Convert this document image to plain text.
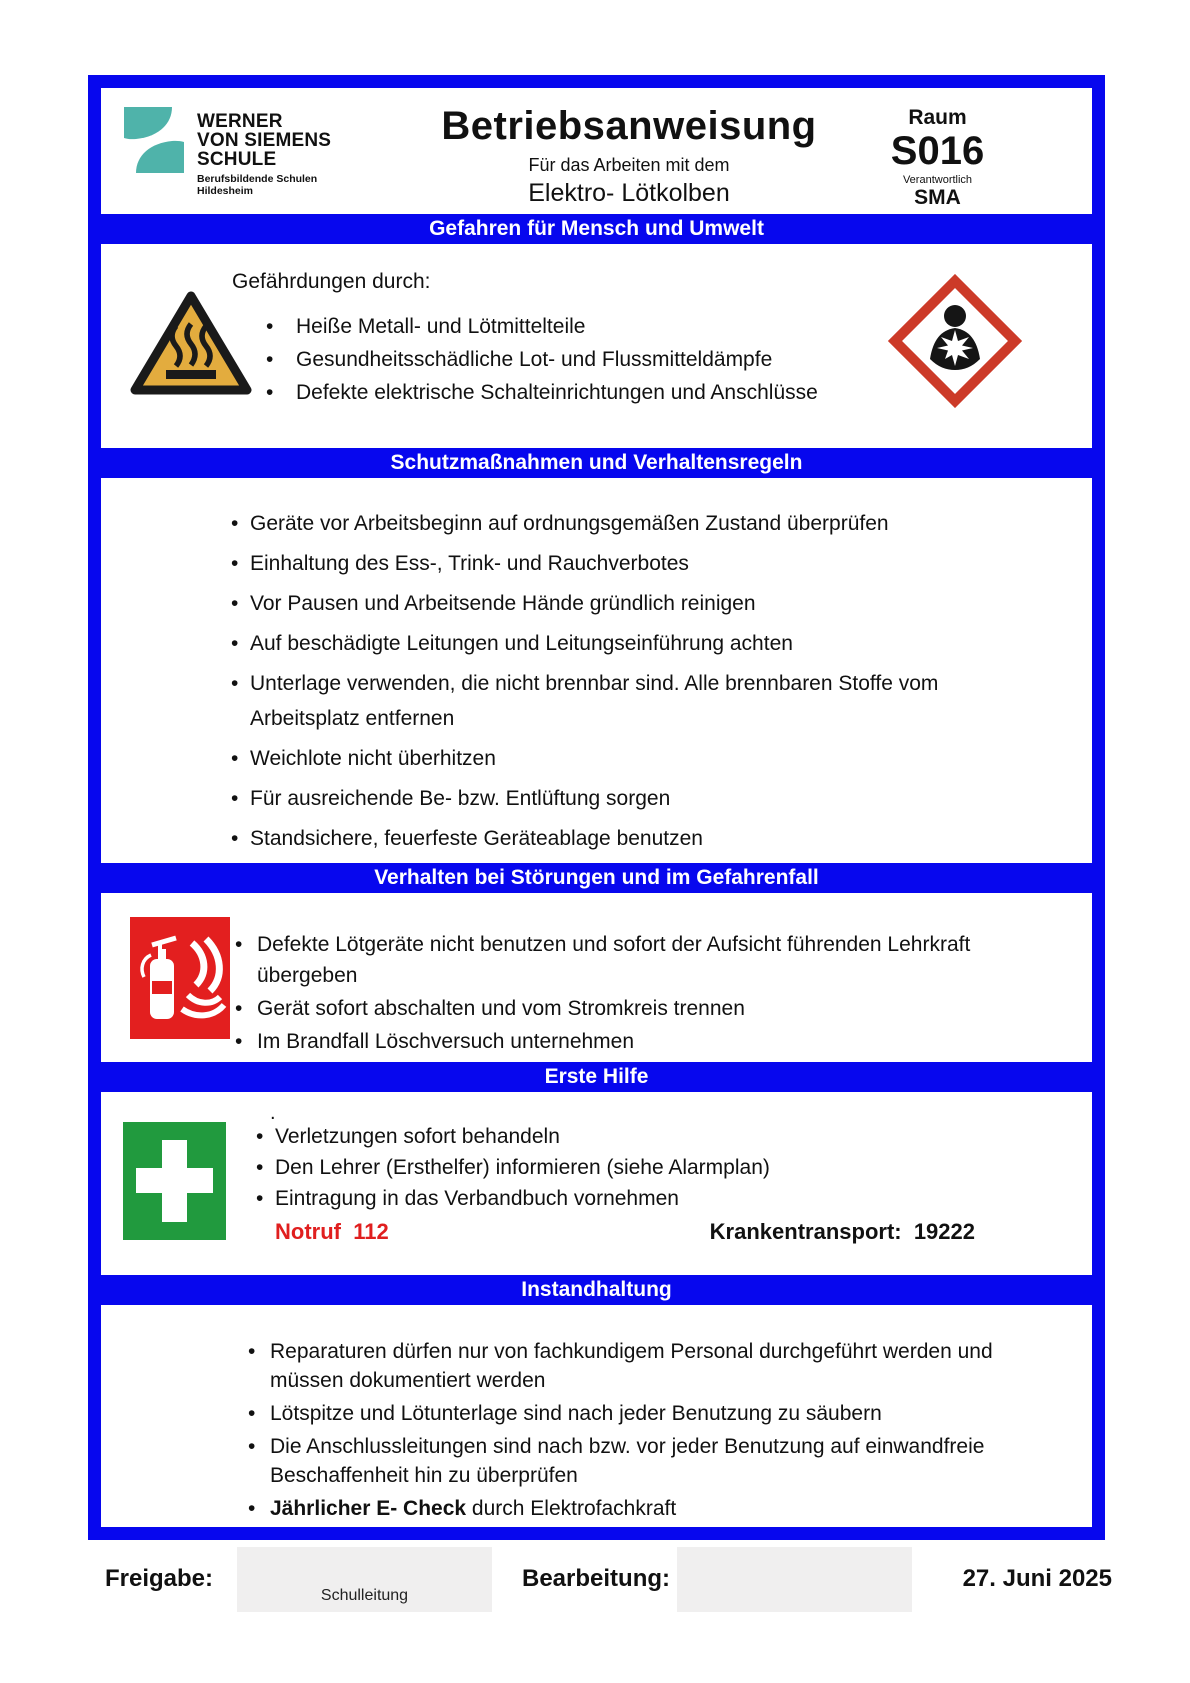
WERNER
VON SIEMENS
SCHULE
Berufsbildende Schulen
Hildesheim
Betriebsanweisung
Für das Arbeiten mit dem
Elektro- Lötkolben
Raum
S016
Verantwortlich
SMA
Gefahren für Mensch und Umwelt
Gefährdungen durch:
• Heiße Metall- und Lötmittelteile
• Gesundheitsschädliche Lot- und Flussmitteldämpfe
• Defekte elektrische Schalteinrichtungen und Anschlüsse
Schutzmaßnahmen und Verhaltensregeln
• Geräte vor Arbeitsbeginn auf ordnungsgemäßen Zustand überprüfen
• Einhaltung des Ess-, Trink- und Rauchverbotes
• Vor Pausen und Arbeitsende Hände gründlich reinigen
• Auf beschädigte Leitungen und Leitungseinführung achten
• Unterlage verwenden, die nicht brennbar sind. Alle brennbaren Stoffe vom Arbeitsplatz entfernen
• Weichlote nicht überhitzen
• Für ausreichende Be- bzw. Entlüftung sorgen
• Standsichere, feuerfeste Geräteablage benutzen
Verhalten bei Störungen und im Gefahrenfall
• Defekte Lötgeräte nicht benutzen und sofort der Aufsicht führenden Lehrkraft übergeben
• Gerät sofort abschalten und vom Stromkreis trennen
• Im Brandfall Löschversuch unternehmen
Erste Hilfe
.
• Verletzungen sofort behandeln
• Den Lehrer (Ersthelfer) informieren (siehe Alarmplan)
• Eintragung in das Verbandbuch vornehmen
Notruf  112	Krankentransport:  19222
Instandhaltung
• Reparaturen dürfen nur von fachkundigem Personal durchgeführt werden und müssen dokumentiert werden
• Lötspitze und Lötunterlage sind nach jeder Benutzung zu säubern
• Die Anschlussleitungen sind nach bzw. vor jeder Benutzung auf einwandfreie Beschaffenheit hin zu überprüfen
• Jährlicher E- Check durch Elektrofachkraft
Freigabe:
Schulleitung
Bearbeitung:	27. Juni 2025
